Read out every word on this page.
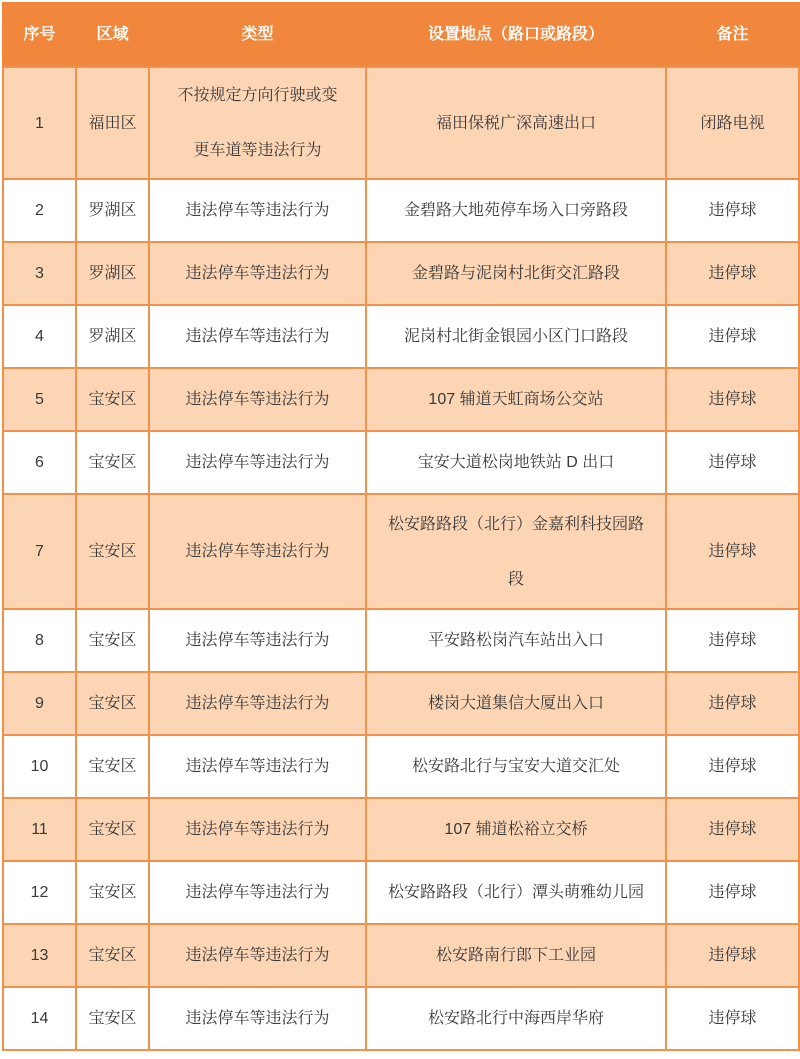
序号	区域	类型	设置地点（路口或路段）	备注
1	福田区	不按规定方向行驶或变更车道等违法行为	福田保税广深高速出口	闭路电视
2	罗湖区	违法停车等违法行为	金碧路大地苑停车场入口旁路段	违停球
3	罗湖区	违法停车等违法行为	金碧路与泥岗村北街交汇路段	违停球
4	罗湖区	违法停车等违法行为	泥岗村北街金银园小区门口路段	违停球
5	宝安区	违法停车等违法行为	107 辅道天虹商场公交站	违停球
6	宝安区	违法停车等违法行为	宝安大道松岗地铁站 D 出口	违停球
7	宝安区	违法停车等违法行为	松安路路段（北行）金嘉利科技园路段	违停球
8	宝安区	违法停车等违法行为	平安路松岗汽车站出入口	违停球
9	宝安区	违法停车等违法行为	楼岗大道集信大厦出入口	违停球
10	宝安区	违法停车等违法行为	松安路北行与宝安大道交汇处	违停球
11	宝安区	违法停车等违法行为	107 辅道松裕立交桥	违停球
12	宝安区	违法停车等违法行为	松安路路段（北行）潭头萌雅幼儿园	违停球
13	宝安区	违法停车等违法行为	松安路南行郎下工业园	违停球
14	宝安区	违法停车等违法行为	松安路北行中海西岸华府	违停球
